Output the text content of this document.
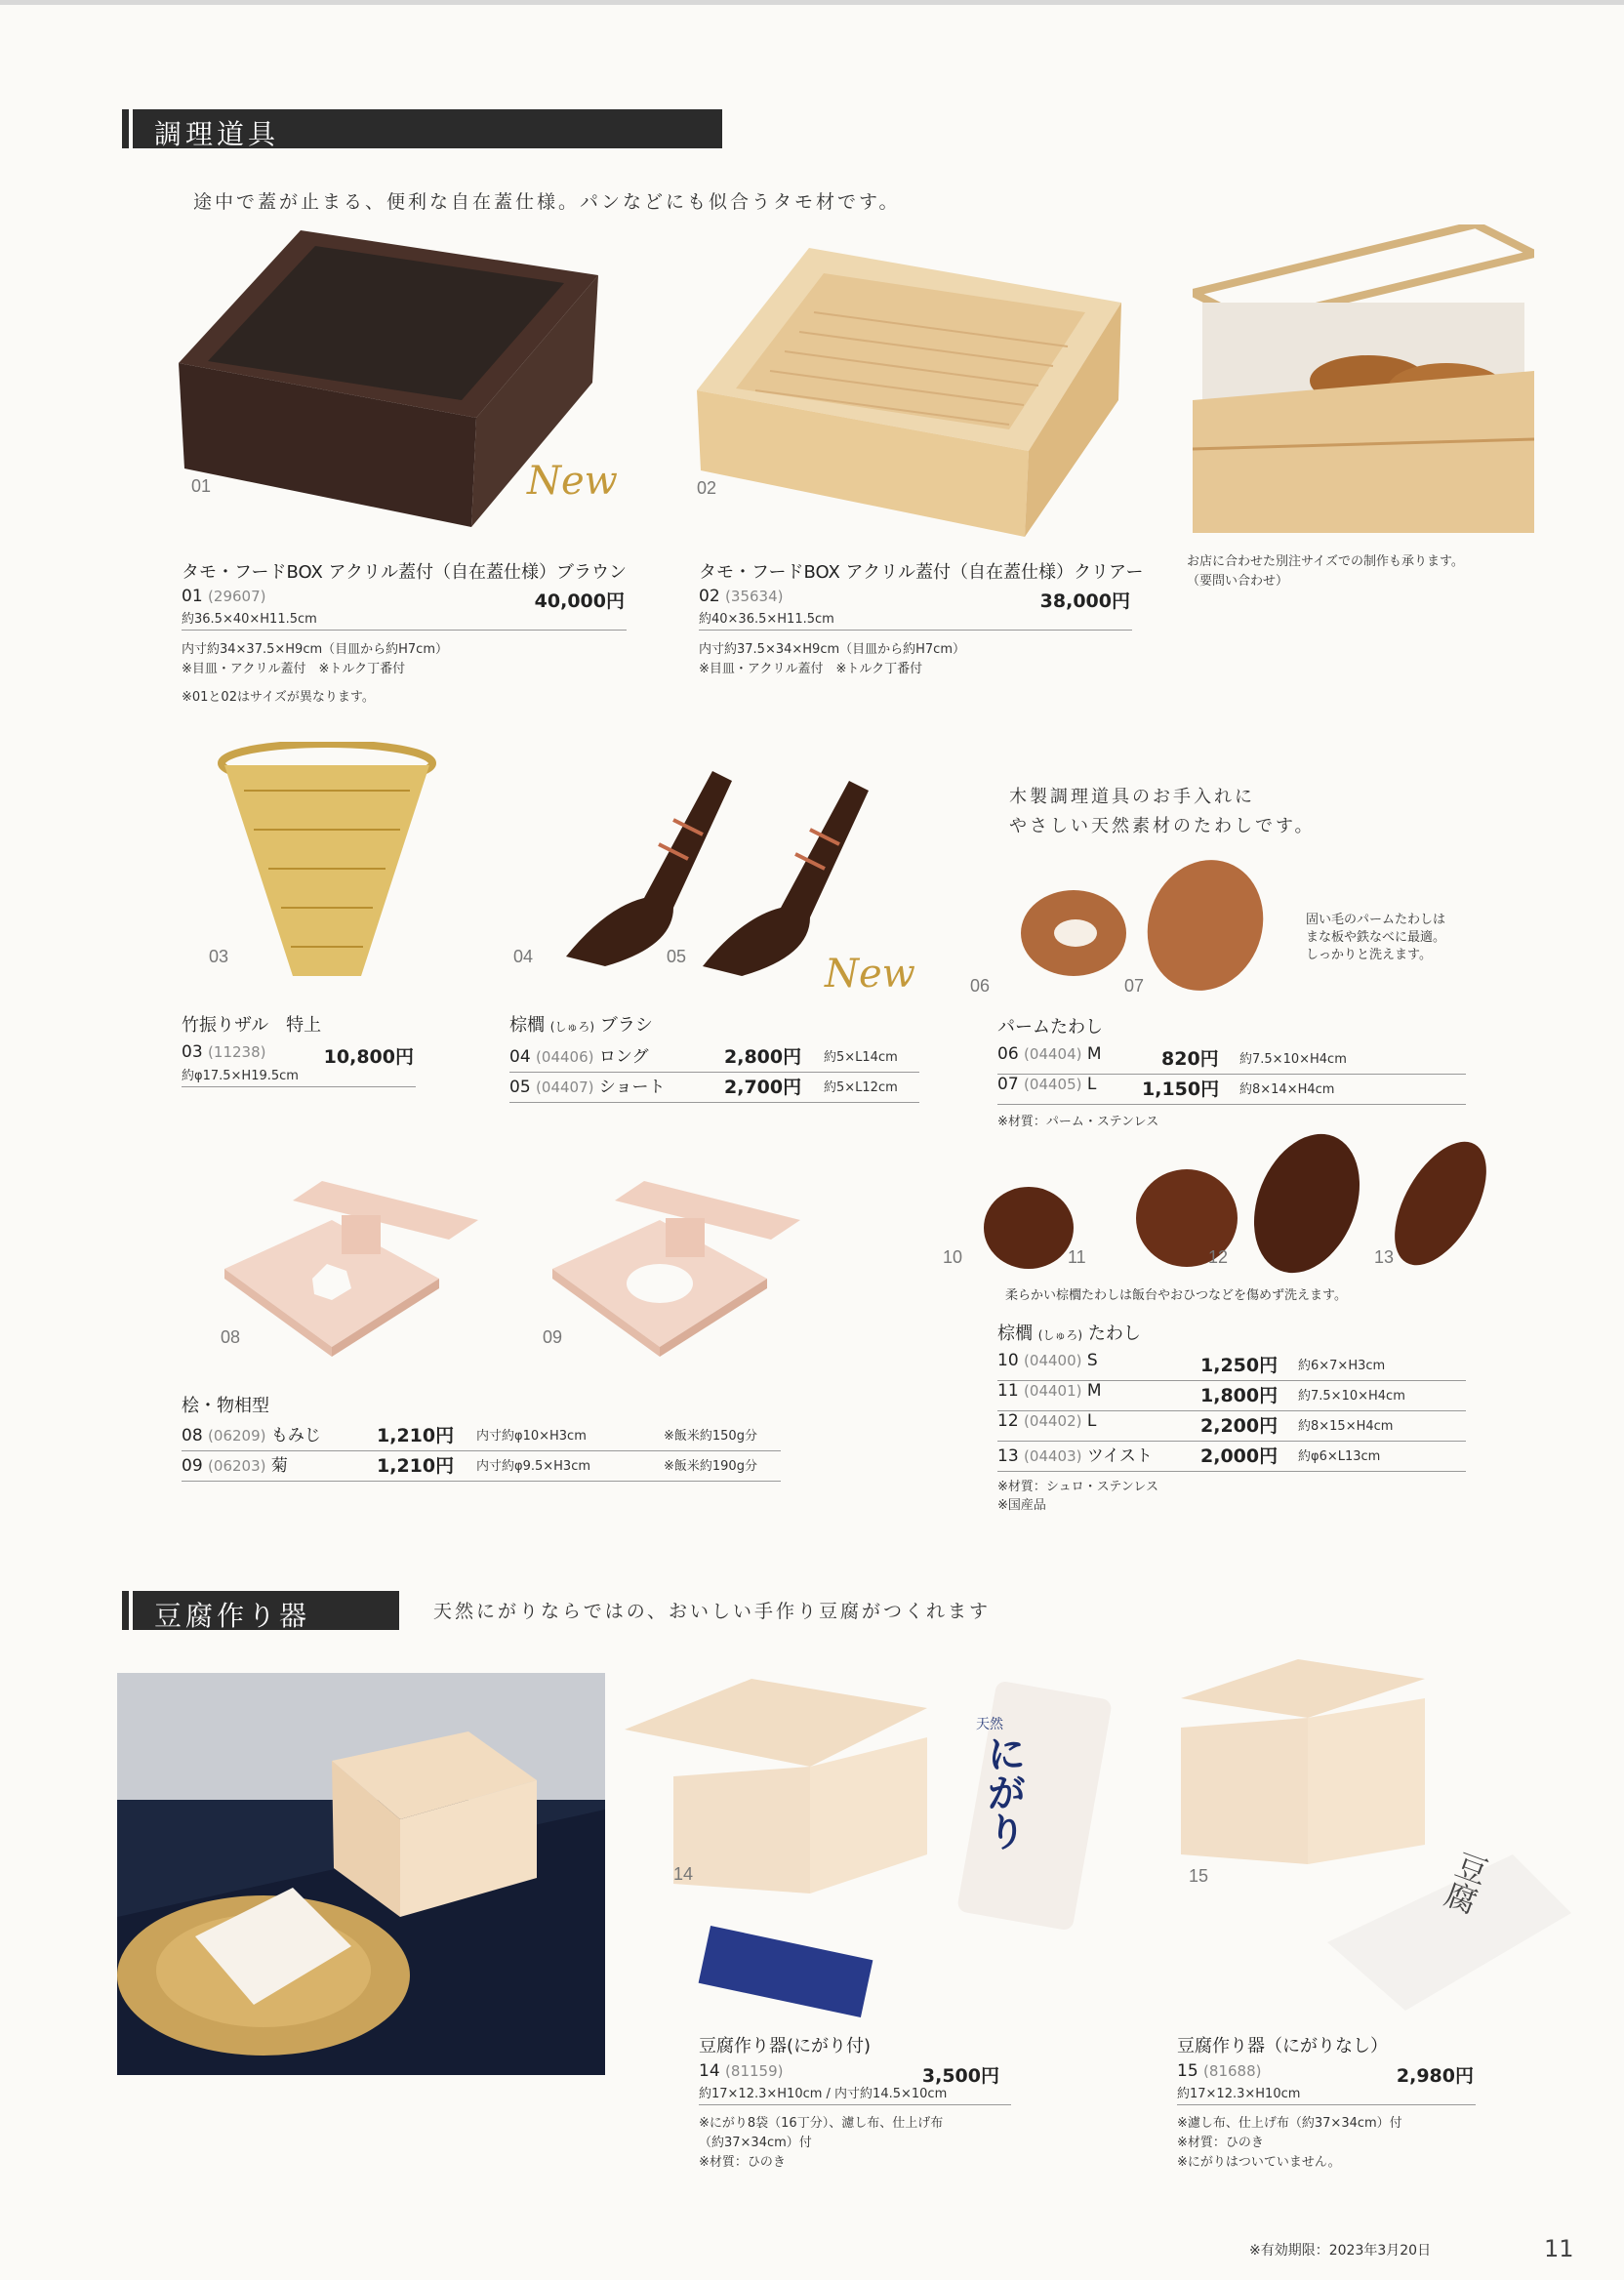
調理道具
途中で蓋が止まる、便利な自在蓋仕様。パンなどにも似合うタモ材です。
01	New	02
お店に合わせた別注サイズでの制作も承ります。
（要問い合わせ）
タモ・フードBOX アクリル蓋付（自在蓋仕様）ブラウン
01 (29607)	40,000円
約36.5×40×H11.5cm
内寸約34×37.5×H9cm（目皿から約H7cm）
※目皿・アクリル蓋付　※トルク丁番付
※01と02はサイズが異なります。
タモ・フードBOX アクリル蓋付（自在蓋仕様）クリアー
02 (35634)	38,000円
約40×36.5×H11.5cm
内寸約37.5×34×H9cm（目皿から約H7cm）
※目皿・アクリル蓋付　※トルク丁番付
03
竹振りザル　特上
03 (11238)	10,800円
約φ17.5×H19.5cm
04	05	New
棕櫚 (しゅろ) ブラシ
04 (04406) ロング	2,800円 約5×L14cm
05 (04407) ショート	2,700円 約5×L12cm
木製調理道具のお手入れに
やさしい天然素材のたわしです。
06	07
固い毛のパームたわしは
まな板や鉄なべに最適。
しっかりと洗えます。
パームたわし
06 (04404) M	820円 約7.5×10×H4cm
07 (04405) L 1,150円 約8×14×H4cm
※材質：パーム・ステンレス
08	09
桧・物相型
08 (06209) もみじ	1,210円 内寸約φ10×H3cm	※飯米約150g分
09 (06203) 菊	1,210円 内寸約φ9.5×H3cm	※飯米約190g分
10	11	12	13
柔らかい棕櫚たわしは飯台やおひつなどを傷めず洗えます。
棕櫚 (しゅろ) たわし
10 (04400) S	1,250円 約6×7×H3cm
11 (04401) M	1,800円 約7.5×10×H4cm
12 (04402) L	2,200円 約8×15×H4cm
13 (04403) ツイスト	2,000円 約φ6×L13cm
※材質：シュロ・ステンレス
※国産品
豆腐作り器	天然にがりならではの、おいしい手作り豆腐がつくれます
天然
にがり
14	豆腐
15
豆腐作り器(にがり付)
14 (81159)	3,500円
約17×12.3×H10cm / 内寸約14.5×10cm
※にがり8袋（16丁分）、濾し布、仕上げ布
（約37×34cm）付
※材質：ひのき
豆腐作り器（にがりなし）
15 (81688)	2,980円
約17×12.3×H10cm
※濾し布、仕上げ布（約37×34cm）付
※材質：ひのき
※にがりはついていません。
※有効期限：2023年3月20日	11
